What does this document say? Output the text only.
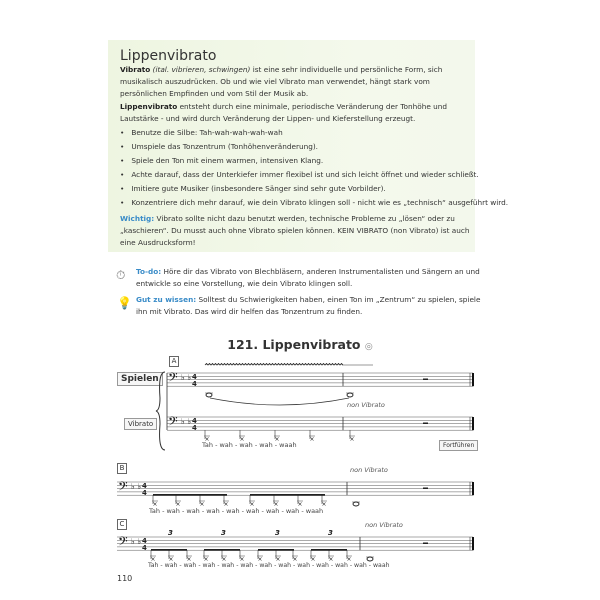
Lippenvibrato
Vibrato (ital. vibrieren, schwingen) ist eine sehr individuelle und persönliche Form, sich musikalisch auszudrücken. Ob und wie viel Vibrato man verwendet, hängt stark vom persönlichen Empfinden und vom Stil der Musik ab.
Lippenvibrato entsteht durch eine minimale, periodische Veränderung der Tonhöhe und Lautstärke - und wird durch Veränderung der Lippen- und Kieferstellung erzeugt.
• Benutze die Silbe: Tah-wah-wah-wah-wah
• Umspiele das Tonzentrum (Tonhöhenveränderung).
• Spiele den Ton mit einem warmen, intensiven Klang.
• Achte darauf, dass der Unterkiefer immer flexibel ist und sich leicht öffnet und wieder schließt.
• Imitiere gute Musiker (insbesondere Sänger sind sehr gute Vorbilder).
• Konzentriere dich mehr darauf, wie dein Vibrato klingen soll - nicht wie es „technisch“ ausgeführt wird.
Wichtig: Vibrato sollte nicht dazu benutzt werden, technische Probleme zu „lösen“ oder zu „kaschieren“. Du musst auch ohne Vibrato spielen können. KEIN VIBRATO (non Vibrato) ist auch eine Ausdrucksform!
⏱ To-do: Höre dir das Vibrato von Blechbläsern, anderen Instrumentalisten und Sängern an und entwickle so eine Vorstellung, wie dein Vibrato klingen soll.
💡 Gut zu wissen: Solltest du Schwierigkeiten haben, einen Ton im „Zentrum“ zu spielen, spiele ihn mit Vibrato. Das wird dir helfen das Tonzentrum zu finden.
121. Lippenvibrato ◎
A
B
C
Spielen
Vibrato
non Vibrato
non Vibrato
non Vibrato
Fortführen
Tah - wah - wah - wah - waah
Tah - wah - wah - wah - wah - wah - wah - wah - waah
Tah - wah - wah - wah - wah - wah - wah - wah - wah - wah - wah - wah - waah
110
𝄢 ♭ ♭ 4
4
𝄢 ♭ ♭ 4
4
×	×	×	×	×
𝄢 ♭ ♭ 4
4
×	×	×	×	×	×	×	×
𝄢 ♭ ♭ 4
4
× × × × × × × × × × × ×
3	3	3	3
